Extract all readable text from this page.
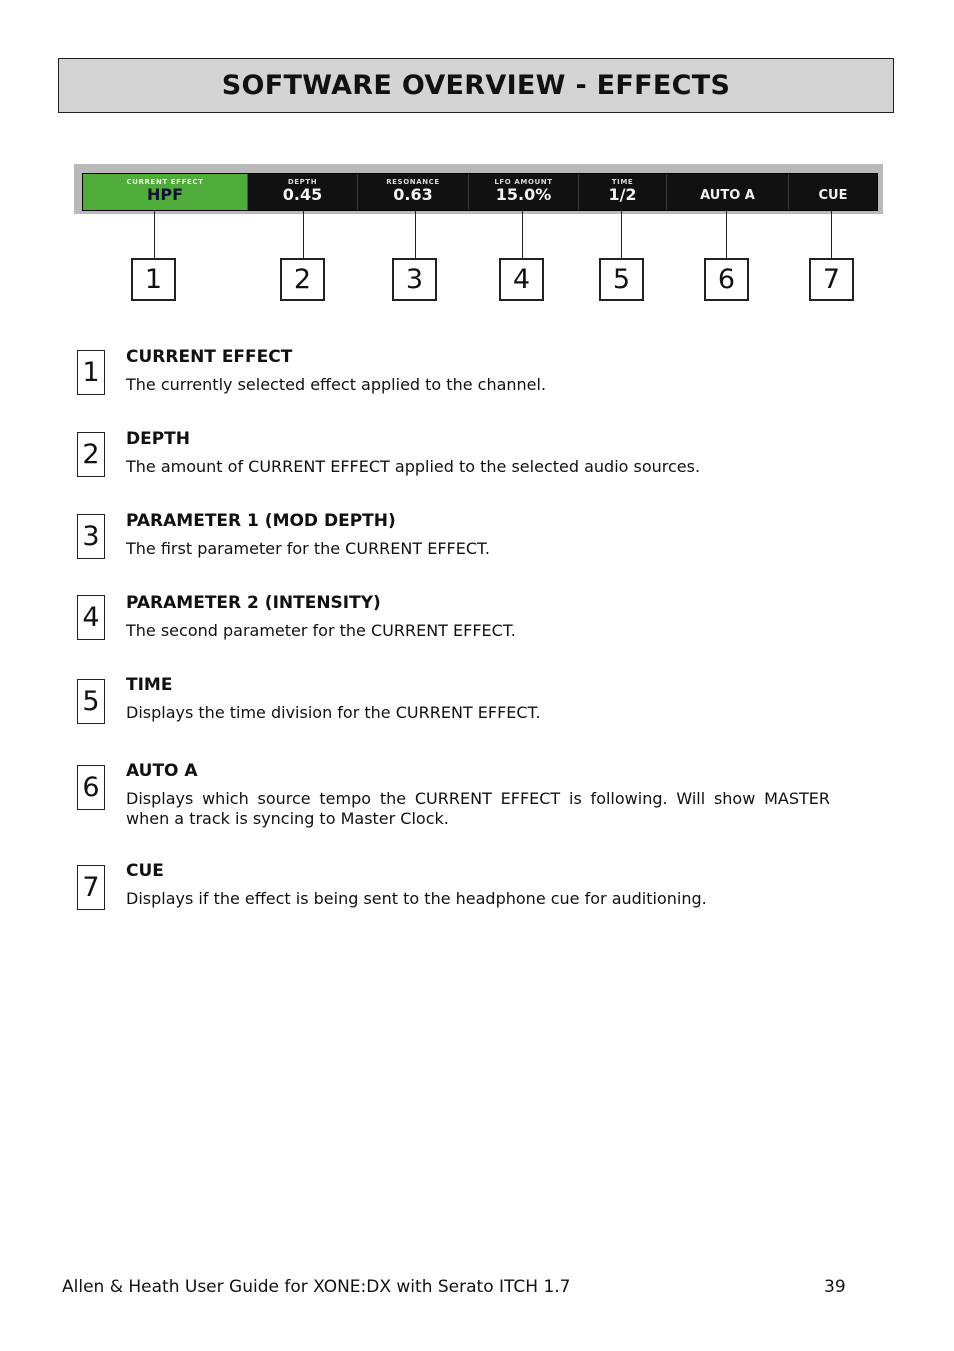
SOFTWARE OVERVIEW - EFFECTS
CURRENT EFFECT
HPF
DEPTH
0.45
RESONANCE
0.63
LFO AMOUNT
15.0%
TIME
1/2	AUTO A	CUE
1	2	3	4	5	6	7
1	CURRENT EFFECT

The currently selected effect applied to the channel.

2	DEPTH

The amount of CURRENT EFFECT applied to the selected audio sources.

3	PARAMETER 1 (MOD DEPTH)

The first parameter for the CURRENT EFFECT.

4	PARAMETER 2 (INTENSITY)

The second parameter for the CURRENT EFFECT.

5

TIME

Displays the time division for the CURRENT EFFECT.

6

AUTO A

Displays which source tempo the CURRENT EFFECT is following. Will show MASTER when a track is syncing to Master Clock.

7

CUE

Displays if the effect is being sent to the headphone cue for auditioning.

Allen & Heath User Guide for XONE:DX with Serato ITCH 1.7	39
